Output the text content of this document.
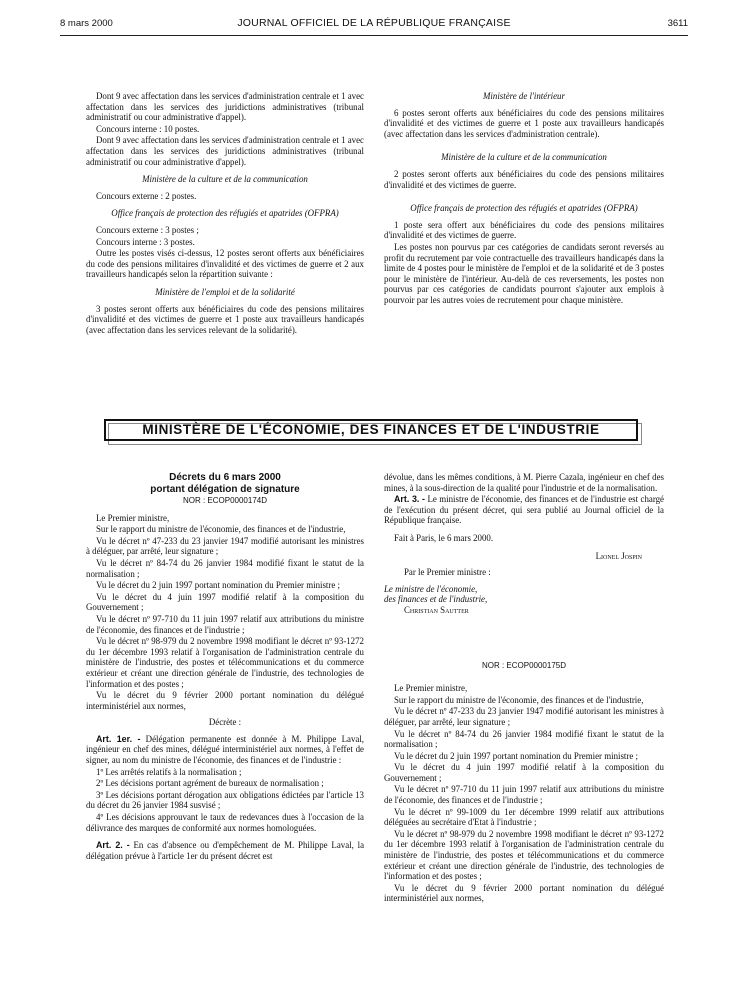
8 mars 2000	JOURNAL OFFICIEL DE LA RÉPUBLIQUE FRANÇAISE	3611

Dont 9 avec affectation dans les services d'administration centrale et 1 avec affectation dans les services des juridictions administratives (tribunal administratif ou cour administrative d'appel).

Concours interne : 10 postes.

Dont 9 avec affectation dans les services d'administration centrale et 1 avec affectation dans les services des juridictions administratives (tribunal administratif ou cour administrative d'appel).

Ministère de la culture et de la communication

Concours externe : 2 postes.

Office français de protection des réfugiés et apatrides (OFPRA)

Concours externe : 3 postes ;

Concours interne : 3 postes.

Outre les postes visés ci-dessus, 12 postes seront offerts aux bénéficiaires du code des pensions militaires d'invalidité et des victimes de guerre et 2 aux travailleurs handicapés selon la répartition suivante :

Ministère de l'emploi et de la solidarité

3 postes seront offerts aux bénéficiaires du code des pensions militaires d'invalidité et des victimes de guerre et 1 poste aux travailleurs handicapés (avec affectation dans les services relevant de la solidarité).

Ministère de l'intérieur

6 postes seront offerts aux bénéficiaires du code des pensions militaires d'invalidité et des victimes de guerre et 1 poste aux travailleurs handicapés (avec affectation dans les services d'administration centrale).

Ministère de la culture et de la communication

2 postes seront offerts aux bénéficiaires du code des pensions militaires d'invalidité et des victimes de guerre.

Office français de protection des réfugiés et apatrides (OFPRA)

1 poste sera offert aux bénéficiaires du code des pensions militaires d'invalidité et des victimes de guerre.

Les postes non pourvus par ces catégories de candidats seront reversés au profit du recrutement par voie contractuelle des travailleurs handicapés dans la limite de 4 postes pour le ministère de l'emploi et de la solidarité et de 3 postes pour le ministère de l'intérieur. Au-delà de ces reversements, les postes non pourvus par ces catégories de candidats pourront s'ajouter aux emplois à pourvoir par les autres voies de recrutement pour chaque ministère.

MINISTÈRE DE L'ÉCONOMIE, DES FINANCES ET DE L'INDUSTRIE
Décrets du 6 mars 2000
portant délégation de signature
NOR : ECOP0000174D

Le Premier ministre,

Sur le rapport du ministre de l'économie, des finances et de l'industrie,

Vu le décret nº 47-233 du 23 janvier 1947 modifié autorisant les ministres à déléguer, par arrêté, leur signature ;

Vu le décret nº 84-74 du 26 janvier 1984 modifié fixant le statut de la normalisation ;

Vu le décret du 2 juin 1997 portant nomination du Premier ministre ;

Vu le décret du 4 juin 1997 modifié relatif à la composition du Gouvernement ;

Vu le décret nº 97-710 du 11 juin 1997 relatif aux attributions du ministre de l'économie, des finances et de l'industrie ;

Vu le décret nº 98-979 du 2 novembre 1998 modifiant le décret nº 93-1272 du 1er décembre 1993 relatif à l'organisation de l'administration centrale du ministère de l'industrie, des postes et télécommunications et du commerce extérieur et créant une direction générale de l'industrie, des technologies de l'information et des postes ;

Vu le décret du 9 février 2000 portant nomination du délégué interministériel aux normes,

Décrète :

Art. 1er. - Délégation permanente est donnée à M. Philippe Laval, ingénieur en chef des mines, délégué interministériel aux normes, à l'effet de signer, au nom du ministre de l'économie, des finances et de l'industrie :

1º Les arrêtés relatifs à la normalisation ;

2º Les décisions portant agrément de bureaux de normalisation ;

3º Les décisions portant dérogation aux obligations édictées par l'article 13 du décret du 26 janvier 1984 susvisé ;

4º Les décisions approuvant le taux de redevances dues à l'occasion de la délivrance des marques de conformité aux normes homologuées.

Art. 2. - En cas d'absence ou d'empêchement de M. Philippe Laval, la délégation prévue à l'article 1er du présent décret est

dévolue, dans les mêmes conditions, à M. Pierre Cazala, ingénieur en chef des mines, à la sous-direction de la qualité pour l'industrie et de la normalisation.

Art. 3. - Le ministre de l'économie, des finances et de l'industrie est chargé de l'exécution du présent décret, qui sera publié au Journal officiel de la République française.

Fait à Paris, le 6 mars 2000.

Lionel Jospin
Par le Premier ministre :
Le ministre de l'économie,
des finances et de l'industrie,
Christian Sautter
NOR : ECOP0000175D

Le Premier ministre,

Sur le rapport du ministre de l'économie, des finances et de l'industrie,

Vu le décret nº 47-233 du 23 janvier 1947 modifié autorisant les ministres à déléguer, par arrêté, leur signature ;

Vu le décret nº 84-74 du 26 janvier 1984 modifié fixant le statut de la normalisation ;

Vu le décret du 2 juin 1997 portant nomination du Premier ministre ;

Vu le décret du 4 juin 1997 modifié relatif à la composition du Gouvernement ;

Vu le décret nº 97-710 du 11 juin 1997 relatif aux attributions du ministre de l'économie, des finances et de l'industrie ;

Vu le décret nº 99-1009 du 1er décembre 1999 relatif aux attributions déléguées au secrétaire d'Etat à l'industrie ;

Vu le décret nº 98-979 du 2 novembre 1998 modifiant le décret nº 93-1272 du 1er décembre 1993 relatif à l'organisation de l'administration centrale du ministère de l'industrie, des postes et télécommunications et du commerce extérieur et créant une direction générale de l'industrie, des technologies de l'information et des postes ;

Vu le décret du 9 février 2000 portant nomination du délégué interministériel aux normes,
